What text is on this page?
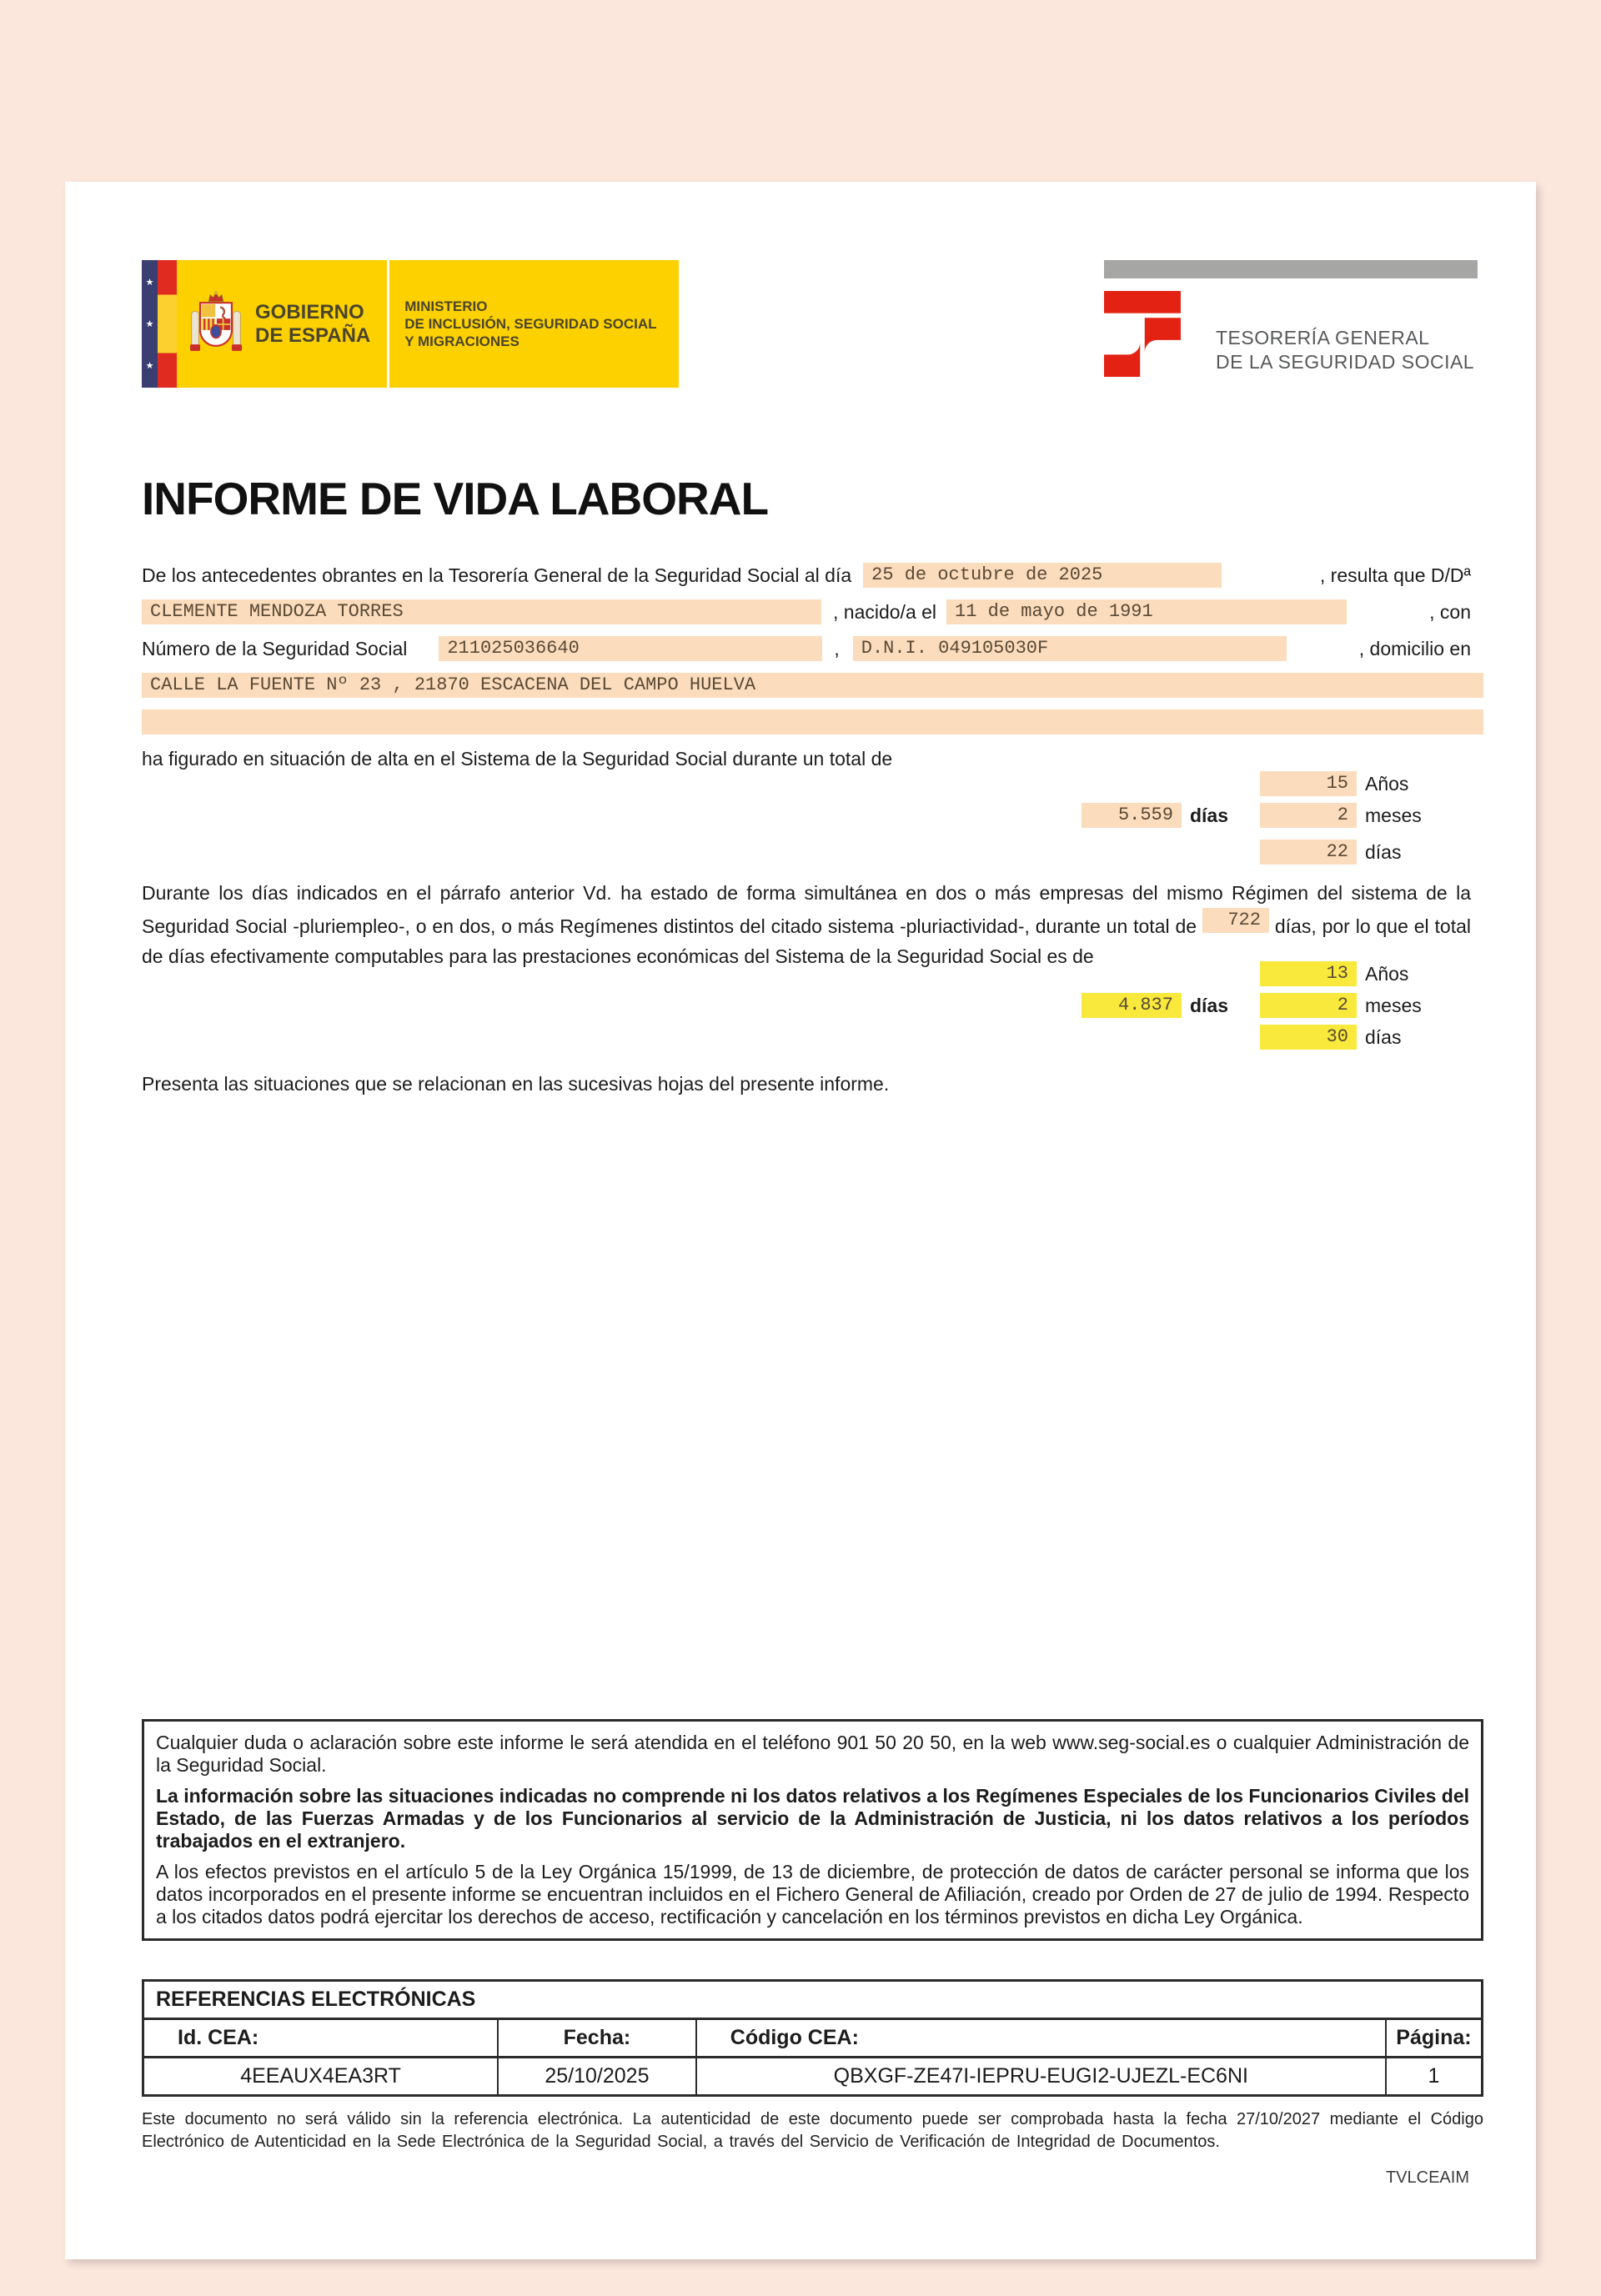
★
★
★
GOBIERNO
DE ESPAÑA
MINISTERIO
DE INCLUSIÓN, SEGURIDAD SOCIAL
Y MIGRACIONES	TESORERÍA GENERAL
DE LA SEGURIDAD SOCIAL
INFORME DE VIDA LABORAL
De los antecedentes obrantes en la Tesorería General de la Seguridad Social al día	25 de octubre de 2025	, resulta que D/Dª
CLEMENTE MENDOZA TORRES	, nacido/a el	11 de mayo de 1991	, con
Número de la Seguridad Social	211025036640	,	D.N.I. 049105030F	, domicilio en
CALLE LA FUENTE Nº 23 , 21870 ESCACENA DEL CAMPO HUELVA
ha figurado en situación de alta en el Sistema de la Seguridad Social durante un total de
15 Años
5.559 días	2 meses
22 días

Durante los días indicados en el párrafo anterior Vd. ha estado de forma simultánea en dos o más empresas del mismo Régimen del sistema de la Seguridad Social -pluriempleo-, o en dos, o más Regímenes distintos del citado sistema -pluriactividad-, durante un total de 722 días, por lo que el total de días efectivamente computables para las prestaciones económicas del Sistema de la Seguridad Social es de

13 Años
4.837 días	2 meses
30 días
Presenta las situaciones que se relacionan en las sucesivas hojas del presente informe.

Cualquier duda o aclaración sobre este informe le será atendida en el teléfono 901 50 20 50, en la web www.seg-social.es o cualquier Administración de la Seguridad Social.

La información sobre las situaciones indicadas no comprende ni los datos relativos a los Regímenes Especiales de los Funcionarios Civiles del Estado, de las Fuerzas Armadas y de los Funcionarios al servicio de la Administración de Justicia, ni los datos relativos a los períodos trabajados en el extranjero.

A los efectos previstos en el artículo 5 de la Ley Orgánica 15/1999, de 13 de diciembre, de protección de datos de carácter personal se informa que los datos incorporados en el presente informe se encuentran incluidos en el Fichero General de Afiliación, creado por Orden de 27 de julio de 1994. Respecto a los citados datos podrá ejercitar los derechos de acceso, rectificación y cancelación en los términos previstos en dicha Ley Orgánica.

REFERENCIAS ELECTRÓNICAS			
Id. CEA:	Fecha:	Código CEA:	Página:
4EEAUX4EA3RT	25/10/2025	QBXGF-ZE47I-IEPRU-EUGI2-UJEZL-EC6NI	1
Este documento no será válido sin la referencia electrónica. La autenticidad de este documento puede ser comprobada hasta la fecha 27/10/2027 mediante el Código Electrónico de Autenticidad en la Sede Electrónica de la Seguridad Social, a través del Servicio de Verificación de Integridad de Documentos.
TVLCEAIM
